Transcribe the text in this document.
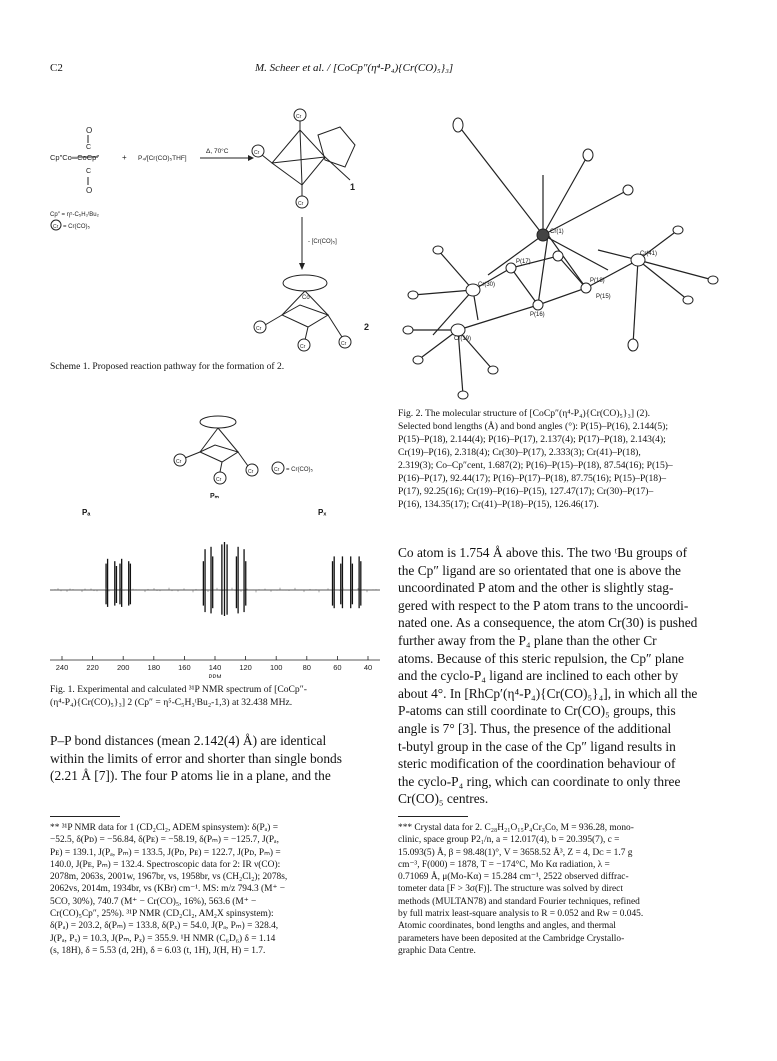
C2	M. Scheer et al. / [CoCp″(η⁴-P₄){Cr(CO)₅}₃]
O
O
C
C
Cp″Co═CoCp″	+ P₄/[Cr(CO)₅THF]
Δ, 70°C
Cp″ = η⁵-C₅H₃ᵗBu₂
Cr = Cr(CO)₅
Cr
Cr
Cr
1
- [Cr(CO)₅]
Co
Cr
Cr	Cr
2
Scheme 1. Proposed reaction pathway for the formation of 2.
Cr
Cr
Cr	Cr = Cr(CO)₅
Pₘ
Pₐ	Pₓ
240 220 200 180 160 140 120 100	80	60	40
PPM
Fig. 1. Experimental and calculated ³¹P NMR spectrum of [CoCp″-
(η⁴-P₄){Cr(CO)₅}₃] 2 (Cp″ = η⁵-C₅H₃ᵗBu₂-1,3) at 32.438 MHz.
Cr(1)
P(17)
P(18)
Cr(41)
Cr(30)
P(15)
P(16)
Cr(19)
Fig. 2. The molecular structure of [CoCp″(η⁴-P₄){Cr(CO)₅}₃] (2).
Selected bond lengths (Å) and bond angles (°): P(15)–P(16), 2.144(5);
P(15)–P(18), 2.144(4); P(16)–P(17), 2.137(4); P(17)–P(18), 2.143(4);
Cr(19)–P(16), 2.318(4); Cr(30)–P(17), 2.333(3); Cr(41)–P(18),
2.319(3); Co–Cp″cent, 1.687(2); P(16)–P(15)–P(18), 87.54(16); P(15)–
P(16)–P(17), 92.44(17); P(16)–P(17)–P(18), 87.75(16); P(15)–P(18)–
P(17), 92.25(16); Cr(19)–P(16)–P(15), 127.47(17); Cr(30)–P(17)–
P(16), 134.35(17); Cr(41)–P(18)–P(15), 126.46(17).
P–P bond distances (mean 2.142(4) Å) are identical
within the limits of error and shorter than single bonds
(2.21 Å [7]). The four P atoms lie in a plane, and the
Co atom is 1.754 Å above this. The two ᵗBu groups of
the Cp″ ligand are so orientated that one is above the
uncoordinated P atom and the other is slightly stag-
gered with respect to the P atom trans to the uncoordi-
nated one. As a consequence, the atom Cr(30) is pushed
further away from the P₄ plane than the other Cr
atoms. Because of this steric repulsion, the Cp″ plane
and the cyclo-P₄ ligand are inclined to each other by
about 4°. In [RhCp′(η⁴-P₄){Cr(CO)₅}₄], in which all the
P-atoms can still coordinate to Cr(CO)₅ groups, this
angle is 7° [3]. Thus, the presence of the additional
t-butyl group in the case of the Cp″ ligand results in
steric modification of the coordination behaviour of
the cyclo-P₄ ring, which can coordinate to only three
Cr(CO)₅ centres.
** ³¹P NMR data for 1 (CD₂Cl₂, ADEM spinsystem): δ(Pₐ) =
−52.5, δ(Pᴅ) = −56.84, δ(Pᴇ) = −58.19, δ(Pₘ) = −125.7, J(Pₐ,
Pᴇ) = 139.1, J(Pₐ, Pₘ) = 133.5, J(Pᴅ, Pᴇ) = 122.7, J(Pᴅ, Pₘ) =
140.0, J(Pᴇ, Pₘ) = 132.4. Spectroscopic data for 2: IR ν(CO):
2078m, 2063s, 2001w, 1967br, vs, 1958br, vs (CH₂Cl₂); 2078s,
2062vs, 2014m, 1934br, vs (KBr) cm⁻¹. MS: m/z 794.3 (M⁺ −
5CO, 30%), 740.7 (M⁺ − Cr(CO)₅, 16%), 563.6 (M⁺ −
Cr(CO)₅Cp″, 25%). ³¹P NMR (CD₂Cl₂, AM₂X spinsystem):
δ(Pₐ) = 203.2, δ(Pₘ) = 133.8, δ(Pₓ) = 54.0, J(Pₐ, Pₘ) = 328.4,
J(Pₐ, Pₓ) = 10.3, J(Pₘ, Pₓ) = 355.9. ¹H NMR (C₆D₆) δ = 1.14
(s, 18H), δ = 5.53 (d, 2H), δ = 6.03 (t, 1H), J(H, H) = 1.7.
*** Crystal data for 2. C₂₈H₂₁O₁₅P₄Cr₃Co, M = 936.28, mono-
clinic, space group P2₁/n, a = 12.017(4), b = 20.395(7), c =
15.093(5) Å, β = 98.48(1)°, V = 3658.52 Å³, Z = 4, Dᴄ = 1.7 g
cm⁻³, F(000) = 1878, T = −174°C, Mo Kα radiation, λ =
0.71069 Å, μ(Mo-Kα) = 15.284 cm⁻¹, 2522 observed diffrac-
tometer data [F > 3σ(F)]. The structure was solved by direct
methods (MULTAN78) and standard Fourier techniques, refined
by full matrix least-square analysis to R = 0.052 and Rᴡ = 0.045.
Atomic coordinates, bond lengths and angles, and thermal
parameters have been deposited at the Cambridge Crystallo-
graphic Data Centre.
